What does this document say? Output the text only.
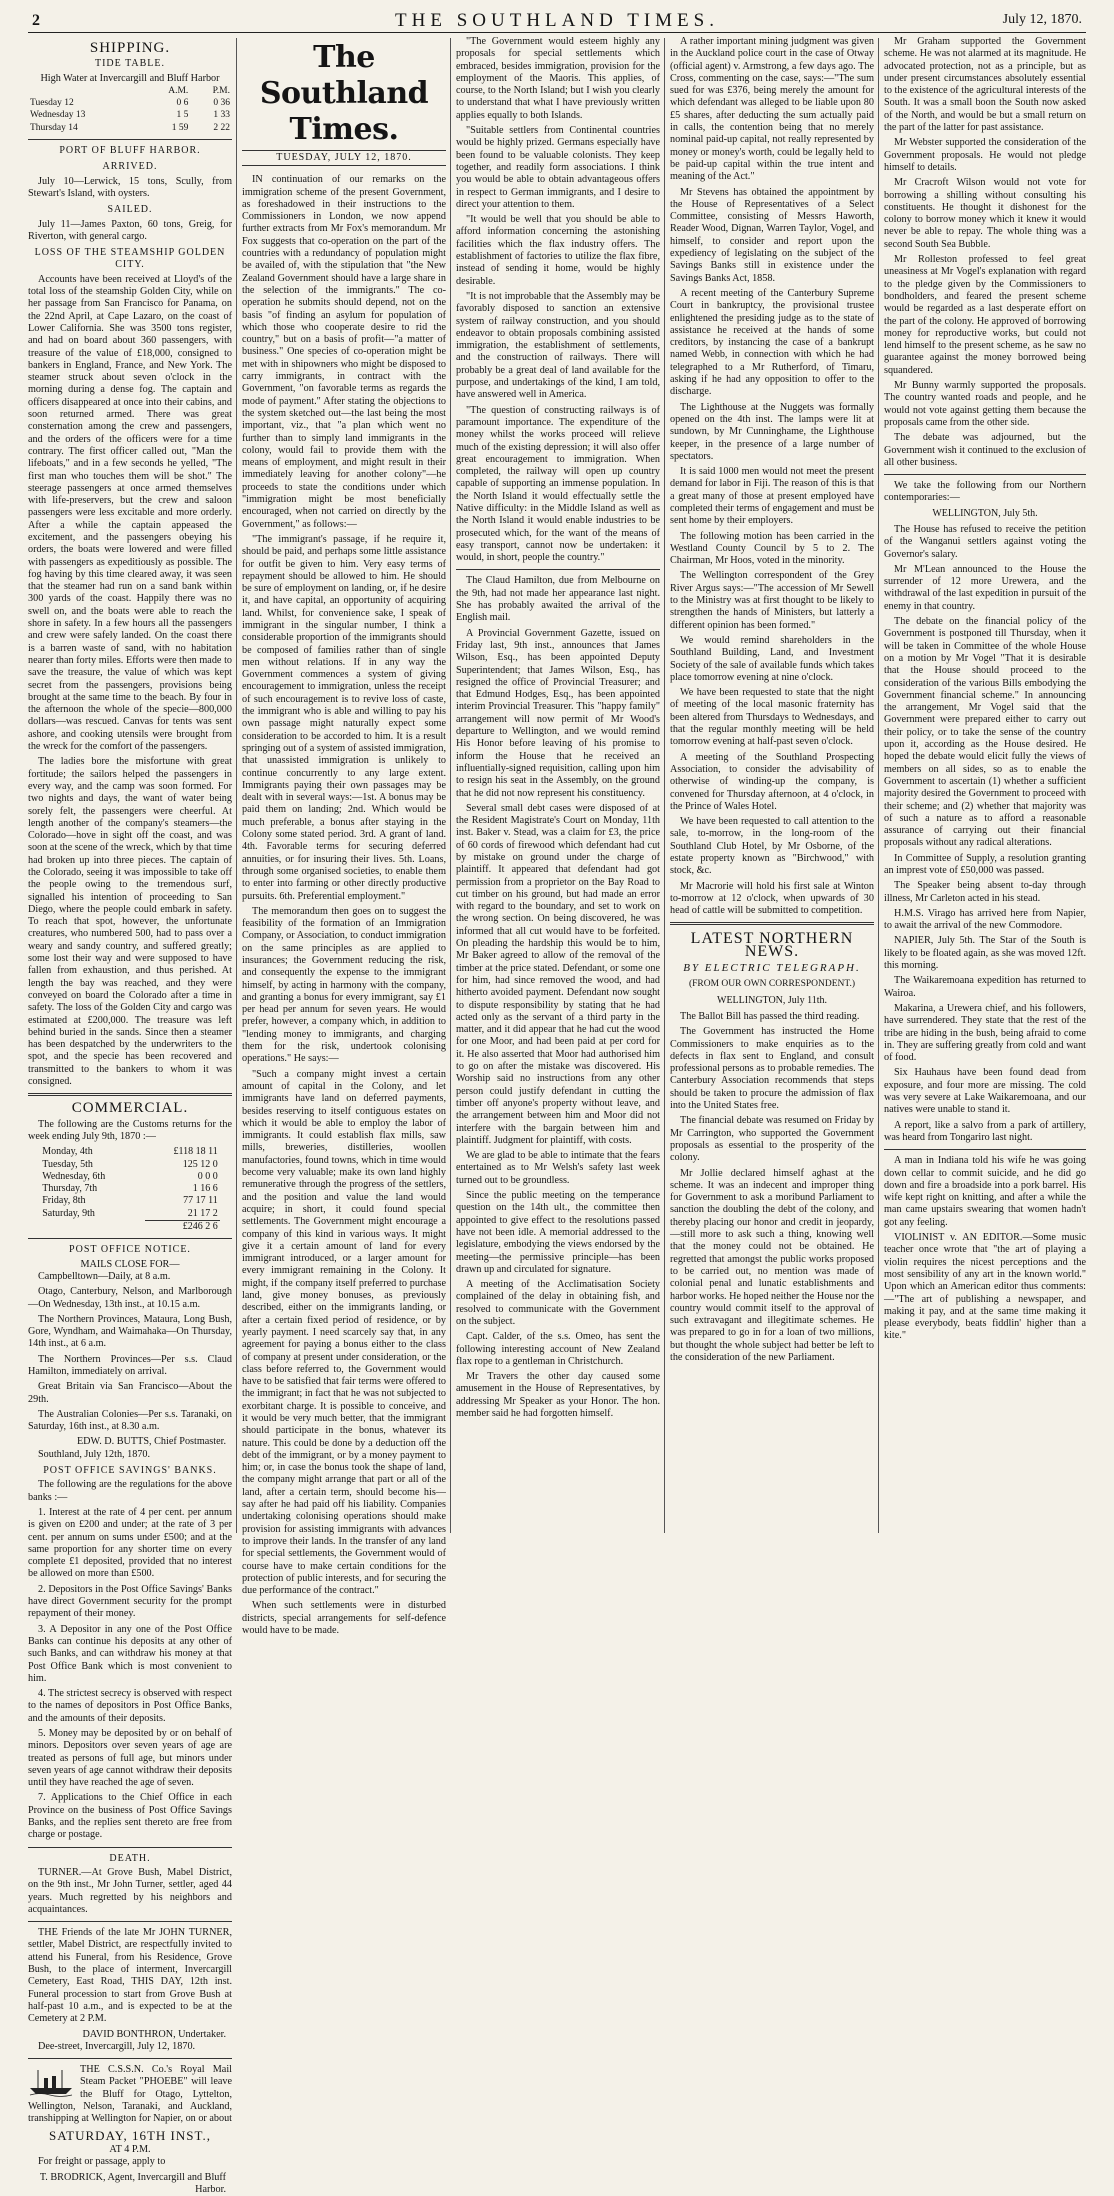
2	THE SOUTHLAND TIMES.	July 12, 1870.
SHIPPING.
TIDE TABLE.
High Water at Invercargill and Bluff Harbor
	A.M.	P.M.
Tuesday 12	0 6	0 36
Wednesday 13	1 5	1 33
Thursday 14	1 59	2 22
PORT OF BLUFF HARBOR.
ARRIVED.

July 10—Lerwick, 15 tons, Scully, from Stewart's Island, with oysters.

SAILED.

July 11—James Paxton, 60 tons, Greig, for Riverton, with general cargo.

LOSS OF THE STEAMSHIP GOLDEN CITY.

Accounts have been received at Lloyd's of the total loss of the steamship Golden City, while on her passage from San Francisco for Panama, on the 22nd April, at Cape Lazaro, on the coast of Lower California. She was 3500 tons register, and had on board about 360 passengers, with treasure of the value of £18,000, consigned to bankers in England, France, and New York. The steamer struck about seven o'clock in the morning during a dense fog. The captain and officers disappeared at once into their cabins, and soon returned armed. There was great consternation among the crew and passengers, and the orders of the officers were for a time contrary. The first officer called out, "Man the lifeboats," and in a few seconds he yelled, "The first man who touches them will be shot." The steerage passengers at once armed themselves with life-preservers, but the crew and saloon passengers were less excitable and more orderly. After a while the captain appeased the excitement, and the passengers obeying his orders, the boats were lowered and were filled with passengers as expeditiously as possible. The fog having by this time cleared away, it was seen that the steamer had run on a sand bank within 300 yards of the coast. Happily there was no swell on, and the boats were able to reach the shore in safety. In a few hours all the passengers and crew were safely landed. On the coast there is a barren waste of sand, with no habitation nearer than forty miles. Efforts were then made to save the treasure, the value of which was kept secret from the passengers, provisions being brought at the same time to the beach. By four in the afternoon the whole of the specie—800,000 dollars—was rescued. Canvas for tents was sent ashore, and cooking utensils were brought from the wreck for the comfort of the passengers.

The ladies bore the misfortune with great fortitude; the sailors helped the passengers in every way, and the camp was soon formed. For two nights and days, the want of water being sorely felt, the passengers were cheerful. At length another of the company's steamers—the Colorado—hove in sight off the coast, and was soon at the scene of the wreck, which by that time had broken up into three pieces. The captain of the Colorado, seeing it was impossible to take off the people owing to the tremendous surf, signalled his intention of proceeding to San Diego, where the people could embark in safety. To reach that spot, however, the unfortunate creatures, who numbered 500, had to pass over a weary and sandy country, and suffered greatly; some lost their way and were supposed to have fallen from exhaustion, and thus perished. At length the bay was reached, and they were conveyed on board the Colorado after a time in safety. The loss of the Golden City and cargo was estimated at £200,000. The treasure was left behind buried in the sands. Since then a steamer has been despatched by the underwriters to the spot, and the specie has been recovered and transmitted to the bankers to whom it was consigned.

COMMERCIAL.

The following are the Customs returns for the week ending July 9th, 1870 :—

Monday, 4th	£118 18 11
Tuesday, 5th	125 12 0
Wednesday, 6th	0 0 0
Thursday, 7th	1 16 6
Friday, 8th	77 17 11
Saturday, 9th	21 17 2
	£246 2 6
POST OFFICE NOTICE.
MAILS CLOSE FOR—

Campbelltown—Daily, at 8 a.m.

Otago, Canterbury, Nelson, and Marlborough—On Wednesday, 13th inst., at 10.15 a.m.

The Northern Provinces, Mataura, Long Bush, Gore, Wyndham, and Waimahaka—On Thursday, 14th inst., at 6 a.m.

The Northern Provinces—Per s.s. Claud Hamilton, immediately on arrival.

Great Britain via San Francisco—About the 29th.

The Australian Colonies—Per s.s. Taranaki, on Saturday, 16th inst., at 8.30 a.m.

EDW. D. BUTTS, Chief Postmaster.

Southland, July 12th, 1870.

POST OFFICE SAVINGS' BANKS.

The following are the regulations for the above banks :—

1. Interest at the rate of 4 per cent. per annum is given on £200 and under; at the rate of 3 per cent. per annum on sums under £500; and at the same proportion for any shorter time on every complete £1 deposited, provided that no interest be allowed on more than £500.

2. Depositors in the Post Office Savings' Banks have direct Government security for the prompt repayment of their money.

3. A Depositor in any one of the Post Office Banks can continue his deposits at any other of such Banks, and can withdraw his money at that Post Office Bank which is most convenient to him.

4. The strictest secrecy is observed with respect to the names of depositors in Post Office Banks, and the amounts of their deposits.

5. Money may be deposited by or on behalf of minors. Depositors over seven years of age are treated as persons of full age, but minors under seven years of age cannot withdraw their deposits until they have reached the age of seven.

7. Applications to the Chief Office in each Province on the business of Post Office Savings Banks, and the replies sent thereto are free from charge or postage.

DEATH.

TURNER.—At Grove Bush, Mabel District, on the 9th inst., Mr John Turner, settler, aged 44 years. Much regretted by his neighbors and acquaintances.

THE Friends of the late Mr JOHN TURNER, settler, Mabel District, are respectfully invited to attend his Funeral, from his Residence, Grove Bush, to the place of interment, Invercargill Cemetery, East Road, THIS DAY, 12th inst. Funeral procession to start from Grove Bush at half-past 10 a.m., and is expected to be at the Cemetery at 2 P.M.

DAVID BONTHRON, Undertaker.

Dee-street, Invercargill, July 12, 1870.

THE C.S.S.N. Co.'s Royal Mail Steam Packet "PHOEBE" will leave the Bluff for Otago, Lyttelton, Wellington, Nelson, Taranaki, and Auckland, transhipping at Wellington for Napier, on or about

SATURDAY, 16TH INST.,
AT 4 P.M.

For freight or passage, apply to

T. BRODRICK, Agent, Invercargill and Bluff Harbor.
The Southland Times.
TUESDAY, JULY 12, 1870.

IN continuation of our remarks on the immigration scheme of the present Government, as foreshadowed in their instructions to the Commissioners in London, we now append further extracts from Mr Fox's memorandum. Mr Fox suggests that co-operation on the part of the countries with a redundancy of population might be availed of, with the stipulation that "the New Zealand Government should have a large share in the selection of the immigrants." The co-operation he submits should depend, not on the basis "of finding an asylum for population of which those who cooperate desire to rid the country," but on a basis of profit—"a matter of business." One species of co-operation might be met with in shipowners who might be disposed to carry immigrants, in contract with the Government, "on favorable terms as regards the mode of payment." After stating the objections to the system sketched out—the last being the most important, viz., that "a plan which went no further than to simply land immigrants in the colony, would fail to provide them with the means of employment, and might result in their immediately leaving for another colony"—he proceeds to state the conditions under which "immigration might be most beneficially encouraged, when not carried on directly by the Government," as follows:—

"The immigrant's passage, if he require it, should be paid, and perhaps some little assistance for outfit be given to him. Very easy terms of repayment should be allowed to him. He should be sure of employment on landing, or, if he desire it, and have capital, an opportunity of acquiring land. Whilst, for convenience sake, I speak of immigrant in the singular number, I think a considerable proportion of the immigrants should be composed of families rather than of single men without relations. If in any way the Government commences a system of giving encouragement to immigration, unless the receipt of such encouragement is to revive loss of caste, the immigrant who is able and willing to pay his own passage might naturally expect some consideration to be accorded to him. It is a result springing out of a system of assisted immigration, that unassisted immigration is unlikely to continue concurrently to any large extent. Immigrants paying their own passages may be dealt with in several ways:—1st. A bonus may be paid them on landing; 2nd. Which would be much preferable, a bonus after staying in the Colony some stated period. 3rd. A grant of land. 4th. Favorable terms for securing deferred annuities, or for insuring their lives. 5th. Loans, through some organised societies, to enable them to enter into farming or other directly productive pursuits. 6th. Preferential employment."

The memorandum then goes on to suggest the feasibility of the formation of an Immigration Company, or Association, to conduct immigration on the same principles as are applied to insurances; the Government reducing the risk, and consequently the expense to the immigrant himself, by acting in harmony with the company, and granting a bonus for every immigrant, say £1 per head per annum for seven years. He would prefer, however, a company which, in addition to "lending money to immigrants, and charging them for the risk, undertook colonising operations." He says:—

"Such a company might invest a certain amount of capital in the Colony, and let immigrants have land on deferred payments, besides reserving to itself contiguous estates on which it would be able to employ the labor of immigrants. It could establish flax mills, saw mills, breweries, distilleries, woollen manufactories, found towns, which in time would become very valuable; make its own land highly remunerative through the progress of the settlers, and the position and value the land would acquire; in short, it could found special settlements. The Government might encourage a company of this kind in various ways. It might give it a certain amount of land for every immigrant introduced, or a larger amount for every immigrant remaining in the Colony. It might, if the company itself preferred to purchase land, give money bonuses, as previously described, either on the immigrants landing, or after a certain fixed period of residence, or by yearly payment. I need scarcely say that, in any agreement for paying a bonus either to the class of company at present under consideration, or the class before referred to, the Government would have to be satisfied that fair terms were offered to the immigrant; in fact that he was not subjected to exorbitant charge. It is possible to conceive, and it would be very much better, that the immigrant should participate in the bonus, whatever its nature. This could be done by a deduction off the debt of the immigrant, or by a money payment to him; or, in case the bonus took the shape of land, the company might arrange that part or all of the land, after a certain term, should become his—say after he had paid off his liability. Companies undertaking colonising operations should make provision for assisting immigrants with advances to improve their lands. In the transfer of any land for special settlements, the Government would of course have to make certain conditions for the protection of public interests, and for securing the due performance of the contract."

When such settlements were in disturbed districts, special arrangements for self-defence would have to be made.

"The Government would esteem highly any proposals for special settlements which embraced, besides immigration, provision for the employment of the Maoris. This applies, of course, to the North Island; but I wish you clearly to understand that what I have previously written applies equally to both Islands.

"Suitable settlers from Continental countries would be highly prized. Germans especially have been found to be valuable colonists. They keep together, and readily form associations. I think you would be able to obtain advantageous offers in respect to German immigrants, and I desire to direct your attention to them.

"It would be well that you should be able to afford information concerning the astonishing facilities which the flax industry offers. The establishment of factories to utilize the flax fibre, instead of sending it home, would be highly desirable.

"It is not improbable that the Assembly may be favorably disposed to sanction an extensive system of railway construction, and you should endeavor to obtain proposals combining assisted immigration, the establishment of settlements, and the construction of railways. There will probably be a great deal of land available for the purpose, and undertakings of the kind, I am told, have answered well in America.

"The question of constructing railways is of paramount importance. The expenditure of the money whilst the works proceed will relieve much of the existing depression; it will also offer great encouragement to immigration. When completed, the railway will open up country capable of supporting an immense population. In the North Island it would effectually settle the Native difficulty: in the Middle Island as well as the North Island it would enable industries to be prosecuted which, for the want of the means of easy transport, cannot now be undertaken: it would, in short, people the country."

The Claud Hamilton, due from Melbourne on the 9th, had not made her appearance last night. She has probably awaited the arrival of the English mail.

A Provincial Government Gazette, issued on Friday last, 9th inst., announces that James Wilson, Esq., has been appointed Deputy Superintendent; that James Wilson, Esq., has resigned the office of Provincial Treasurer; and that Edmund Hodges, Esq., has been appointed interim Provincial Treasurer. This "happy family" arrangement will now permit of Mr Wood's departure to Wellington, and we would remind His Honor before leaving of his promise to inform the House that he received an influentially-signed requisition, calling upon him to resign his seat in the Assembly, on the ground that he did not now represent his constituency.

Several small debt cases were disposed of at the Resident Magistrate's Court on Monday, 11th inst. Baker v. Stead, was a claim for £3, the price of 60 cords of firewood which defendant had cut by mistake on ground under the charge of plaintiff. It appeared that defendant had got permission from a proprietor on the Bay Road to cut timber on his ground, but had made an error with regard to the boundary, and set to work on the wrong section. On being discovered, he was informed that all cut would have to be forfeited. On pleading the hardship this would be to him, Mr Baker agreed to allow of the removal of the timber at the price stated. Defendant, or some one for him, had since removed the wood, and had hitherto avoided payment. Defendant now sought to dispute responsibility by stating that he had acted only as the servant of a third party in the matter, and it did appear that he had cut the wood for one Moor, and had been paid at per cord for it. He also asserted that Moor had authorised him to go on after the mistake was discovered. His Worship said no instructions from any other person could justify defendant in cutting the timber off anyone's property without leave, and the arrangement between him and Moor did not interfere with the bargain between him and plaintiff. Judgment for plaintiff, with costs.

We are glad to be able to intimate that the fears entertained as to Mr Welsh's safety last week turned out to be groundless.

Since the public meeting on the temperance question on the 14th ult., the committee then appointed to give effect to the resolutions passed have not been idle. A memorial addressed to the legislature, embodying the views endorsed by the meeting—the permissive principle—has been drawn up and circulated for signature.

A meeting of the Acclimatisation Society complained of the delay in obtaining fish, and resolved to communicate with the Government on the subject.

Capt. Calder, of the s.s. Omeo, has sent the following interesting account of New Zealand flax rope to a gentleman in Christchurch.

Mr Travers the other day caused some amusement in the House of Representatives, by addressing Mr Speaker as your Honor. The hon. member said he had forgotten himself.

A rather important mining judgment was given in the Auckland police court in the case of Otway (official agent) v. Armstrong, a few days ago. The Cross, commenting on the case, says:—"The sum sued for was £376, being merely the amount for which defendant was alleged to be liable upon 80 £5 shares, after deducting the sum actually paid in calls, the contention being that no merely nominal paid-up capital, not really represented by money or money's worth, could be legally held to be paid-up capital within the true intent and meaning of the Act."

Mr Stevens has obtained the appointment by the House of Representatives of a Select Committee, consisting of Messrs Haworth, Reader Wood, Dignan, Warren Taylor, Vogel, and himself, to consider and report upon the expediency of legislating on the subject of the Savings Banks still in existence under the Savings Banks Act, 1858.

A recent meeting of the Canterbury Supreme Court in bankruptcy, the provisional trustee enlightened the presiding judge as to the state of assistance he received at the hands of some creditors, by instancing the case of a bankrupt named Webb, in connection with which he had telegraphed to a Mr Rutherford, of Timaru, asking if he had any opposition to offer to the discharge.

The Lighthouse at the Nuggets was formally opened on the 4th inst. The lamps were lit at sundown, by Mr Cunninghame, the Lighthouse keeper, in the presence of a large number of spectators.

It is said 1000 men would not meet the present demand for labor in Fiji. The reason of this is that a great many of those at present employed have completed their terms of engagement and must be sent home by their employers.

The following motion has been carried in the Westland County Council by 5 to 2. The Chairman, Mr Hoos, voted in the minority.

The Wellington correspondent of the Grey River Argus says:—"The accession of Mr Sewell to the Ministry was at first thought to be likely to strengthen the hands of Ministers, but latterly a different opinion has been formed."

We would remind shareholders in the Southland Building, Land, and Investment Society of the sale of available funds which takes place tomorrow evening at nine o'clock.

We have been requested to state that the night of meeting of the local masonic fraternity has been altered from Thursdays to Wednesdays, and that the regular monthly meeting will be held tomorrow evening at half-past seven o'clock.

A meeting of the Southland Prospecting Association, to consider the advisability of otherwise of winding-up the company, is convened for Thursday afternoon, at 4 o'clock, in the Prince of Wales Hotel.

We have been requested to call attention to the sale, to-morrow, in the long-room of the Southland Club Hotel, by Mr Osborne, of the estate property known as "Birchwood," with stock, &c.

Mr Macrorie will hold his first sale at Winton to-morrow at 12 o'clock, when upwards of 30 head of cattle will be submitted to competition.

LATEST NORTHERN NEWS.
BY ELECTRIC TELEGRAPH.
(FROM OUR OWN CORRESPONDENT.)
WELLINGTON, July 11th.

The Ballot Bill has passed the third reading.

The Government has instructed the Home Commissioners to make enquiries as to the defects in flax sent to England, and consult professional persons as to probable remedies. The Canterbury Association recommends that steps should be taken to procure the admission of flax into the United States free.

The financial debate was resumed on Friday by Mr Carrington, who supported the Government proposals as essential to the prosperity of the colony.

Mr Jollie declared himself aghast at the scheme. It was an indecent and improper thing for Government to ask a moribund Parliament to sanction the doubling the debt of the colony, and thereby placing our honor and credit in jeopardy,—still more to ask such a thing, knowing well that the money could not be obtained. He regretted that amongst the public works proposed to be carried out, no mention was made of colonial penal and lunatic establishments and harbor works. He hoped neither the House nor the country would commit itself to the approval of such extravagant and illegitimate schemes. He was prepared to go in for a loan of two millions, but thought the whole subject had better be left to the consideration of the new Parliament.

Mr Graham supported the Government scheme. He was not alarmed at its magnitude. He advocated protection, not as a principle, but as under present circumstances absolutely essential to the existence of the agricultural interests of the South. It was a small boon the South now asked of the North, and would be but a small return on the part of the latter for past assistance.

Mr Webster supported the consideration of the Government proposals. He would not pledge himself to details.

Mr Cracroft Wilson would not vote for borrowing a shilling without consulting his constituents. He thought it dishonest for the colony to borrow money which it knew it would never be able to repay. The whole thing was a second South Sea Bubble.

Mr Rolleston professed to feel great uneasiness at Mr Vogel's explanation with regard to the pledge given by the Commissioners to bondholders, and feared the present scheme would be regarded as a last desperate effort on the part of the colony. He approved of borrowing money for reproductive works, but could not lend himself to the present scheme, as he saw no guarantee against the money borrowed being squandered.

Mr Bunny warmly supported the proposals. The country wanted roads and people, and he would not vote against getting them because the proposals came from the other side.

The debate was adjourned, but the Government wish it continued to the exclusion of all other business.

We take the following from our Northern contemporaries:—

WELLINGTON, July 5th.

The House has refused to receive the petition of the Wanganui settlers against voting the Governor's salary.

Mr M'Lean announced to the House the surrender of 12 more Urewera, and the withdrawal of the last expedition in pursuit of the enemy in that country.

The debate on the financial policy of the Government is postponed till Thursday, when it will be taken in Committee of the whole House on a motion by Mr Vogel "That it is desirable that the House should proceed to the consideration of the various Bills embodying the Government financial scheme." In announcing the arrangement, Mr Vogel said that the Government were prepared either to carry out their policy, or to take the sense of the country upon it, according as the House desired. He hoped the debate would elicit fully the views of members on all sides, so as to enable the Government to ascertain (1) whether a sufficient majority desired the Government to proceed with their scheme; and (2) whether that majority was of such a nature as to afford a reasonable assurance of carrying out their financial proposals without any radical alterations.

In Committee of Supply, a resolution granting an imprest vote of £50,000 was passed.

The Speaker being absent to-day through illness, Mr Carleton acted in his stead.

H.M.S. Virago has arrived here from Napier, to await the arrival of the new Commodore.

NAPIER, July 5th. The Star of the South is likely to be floated again, as she was moved 12ft. this morning.

The Waikaremoana expedition has returned to Wairoa.

Makarina, a Urewera chief, and his followers, have surrendered. They state that the rest of the tribe are hiding in the bush, being afraid to come in. They are suffering greatly from cold and want of food.

Six Hauhaus have been found dead from exposure, and four more are missing. The cold was very severe at Lake Waikaremoana, and our natives were unable to stand it.

A report, like a salvo from a park of artillery, was heard from Tongariro last night.

A man in Indiana told his wife he was going down cellar to commit suicide, and he did go down and fire a broadside into a pork barrel. His wife kept right on knitting, and after a while the man came upstairs swearing that women hadn't got any feeling.

VIOLINIST v. AN EDITOR.—Some music teacher once wrote that "the art of playing a violin requires the nicest perceptions and the most sensibility of any art in the known world." Upon which an American editor thus comments:—"The art of publishing a newspaper, and making it pay, and at the same time making it please everybody, beats fiddlin' higher than a kite."
